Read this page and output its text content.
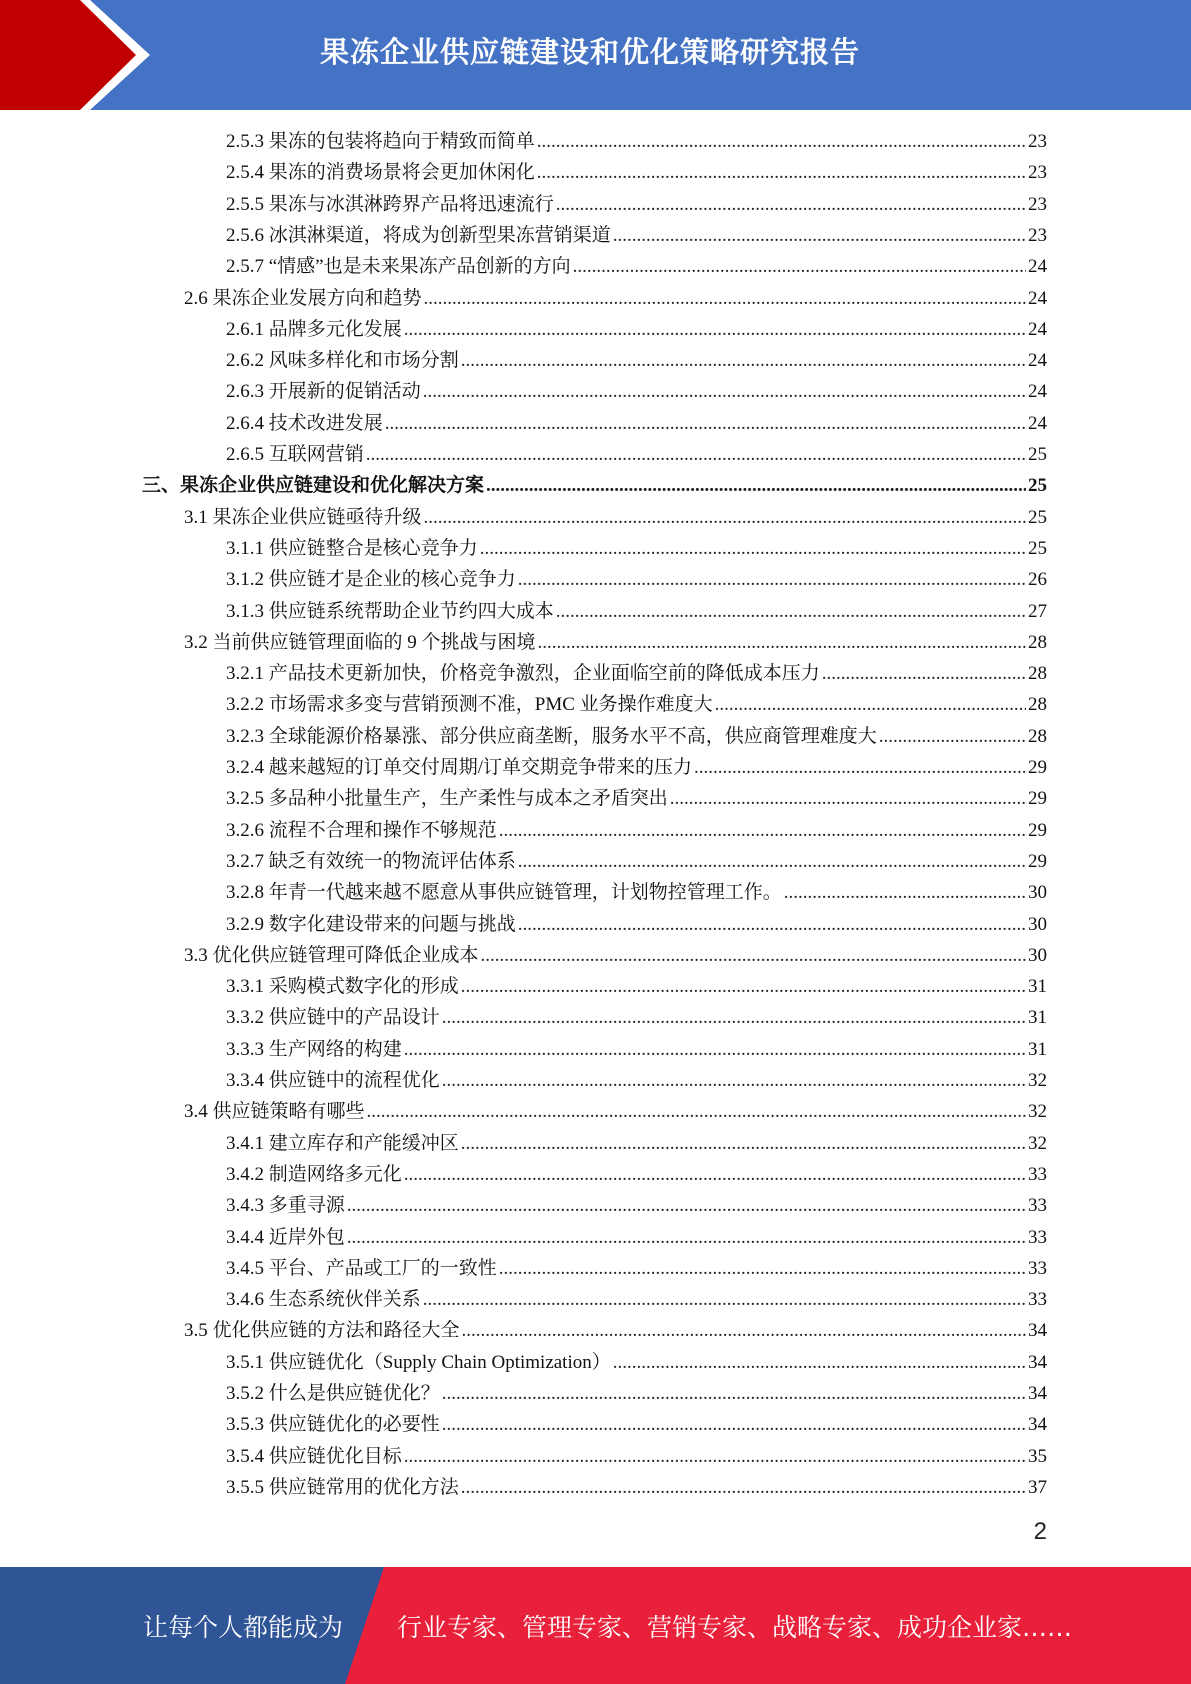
果冻企业供应链建设和优化策略研究报告
2.5.3 果冻的包装将趋向于精致而简单 .....	23
2.5.4 果冻的消费场景将会更加休闲化 .....	23
2.5.5 果冻与冰淇淋跨界产品将迅速流行 .....	23
2.5.6 冰淇淋渠道，将成为创新型果冻营销渠道 .....	23
2.5.7 “情感”也是未来果冻产品创新的方向 .....	24
2.6 果冻企业发展方向和趋势 .....	24
2.6.1 品牌多元化发展 .....	24
2.6.2 风味多样化和市场分割 .....	24
2.6.3 开展新的促销活动 .....	24
2.6.4 技术改进发展 .....	24
2.6.5 互联网营销 .....	25
三、果冻企业供应链建设和优化解决方案 .....	25
3.1 果冻企业供应链亟待升级 .....	25
3.1.1 供应链整合是核心竞争力 .....	25
3.1.2 供应链才是企业的核心竞争力 .....	26
3.1.3 供应链系统帮助企业节约四大成本 .....	27
3.2 当前供应链管理面临的 9 个挑战与困境 .....	28
3.2.1 产品技术更新加快，价格竞争激烈，企业面临空前的降低成本压力 .....	28
3.2.2 市场需求多变与营销预测不准，PMC 业务操作难度大 .....	28
3.2.3 全球能源价格暴涨、部分供应商垄断，服务水平不高，供应商管理难度大 .....	28
3.2.4 越来越短的订单交付周期/订单交期竞争带来的压力 .....	29
3.2.5 多品种小批量生产，生产柔性与成本之矛盾突出 .....	29
3.2.6 流程不合理和操作不够规范 .....	29
3.2.7 缺乏有效统一的物流评估体系 .....	29
3.2.8 年青一代越来越不愿意从事供应链管理，计划物控管理工作。 .....	30
3.2.9 数字化建设带来的问题与挑战 .....	30
3.3 优化供应链管理可降低企业成本 .....	30
3.3.1 采购模式数字化的形成 .....	31
3.3.2 供应链中的产品设计 .....	31
3.3.3 生产网络的构建 .....	31
3.3.4 供应链中的流程优化 .....	32
3.4 供应链策略有哪些 .....	32
3.4.1 建立库存和产能缓冲区 .....	32
3.4.2 制造网络多元化 .....	33
3.4.3 多重寻源 .....	33
3.4.4 近岸外包 .....	33
3.4.5 平台、产品或工厂的一致性 .....	33
3.4.6 生态系统伙伴关系 .....	33
3.5 优化供应链的方法和路径大全 .....	34
3.5.1 供应链优化（Supply Chain Optimization） .....	34
3.5.2 什么是供应链优化？ .....	34
3.5.3 供应链优化的必要性 .....	34
3.5.4 供应链优化目标 .....	35
3.5.5 供应链常用的优化方法 .....	37
2
让每个人都能成为 行业专家、管理专家、营销专家、战略专家、成功企业家……
